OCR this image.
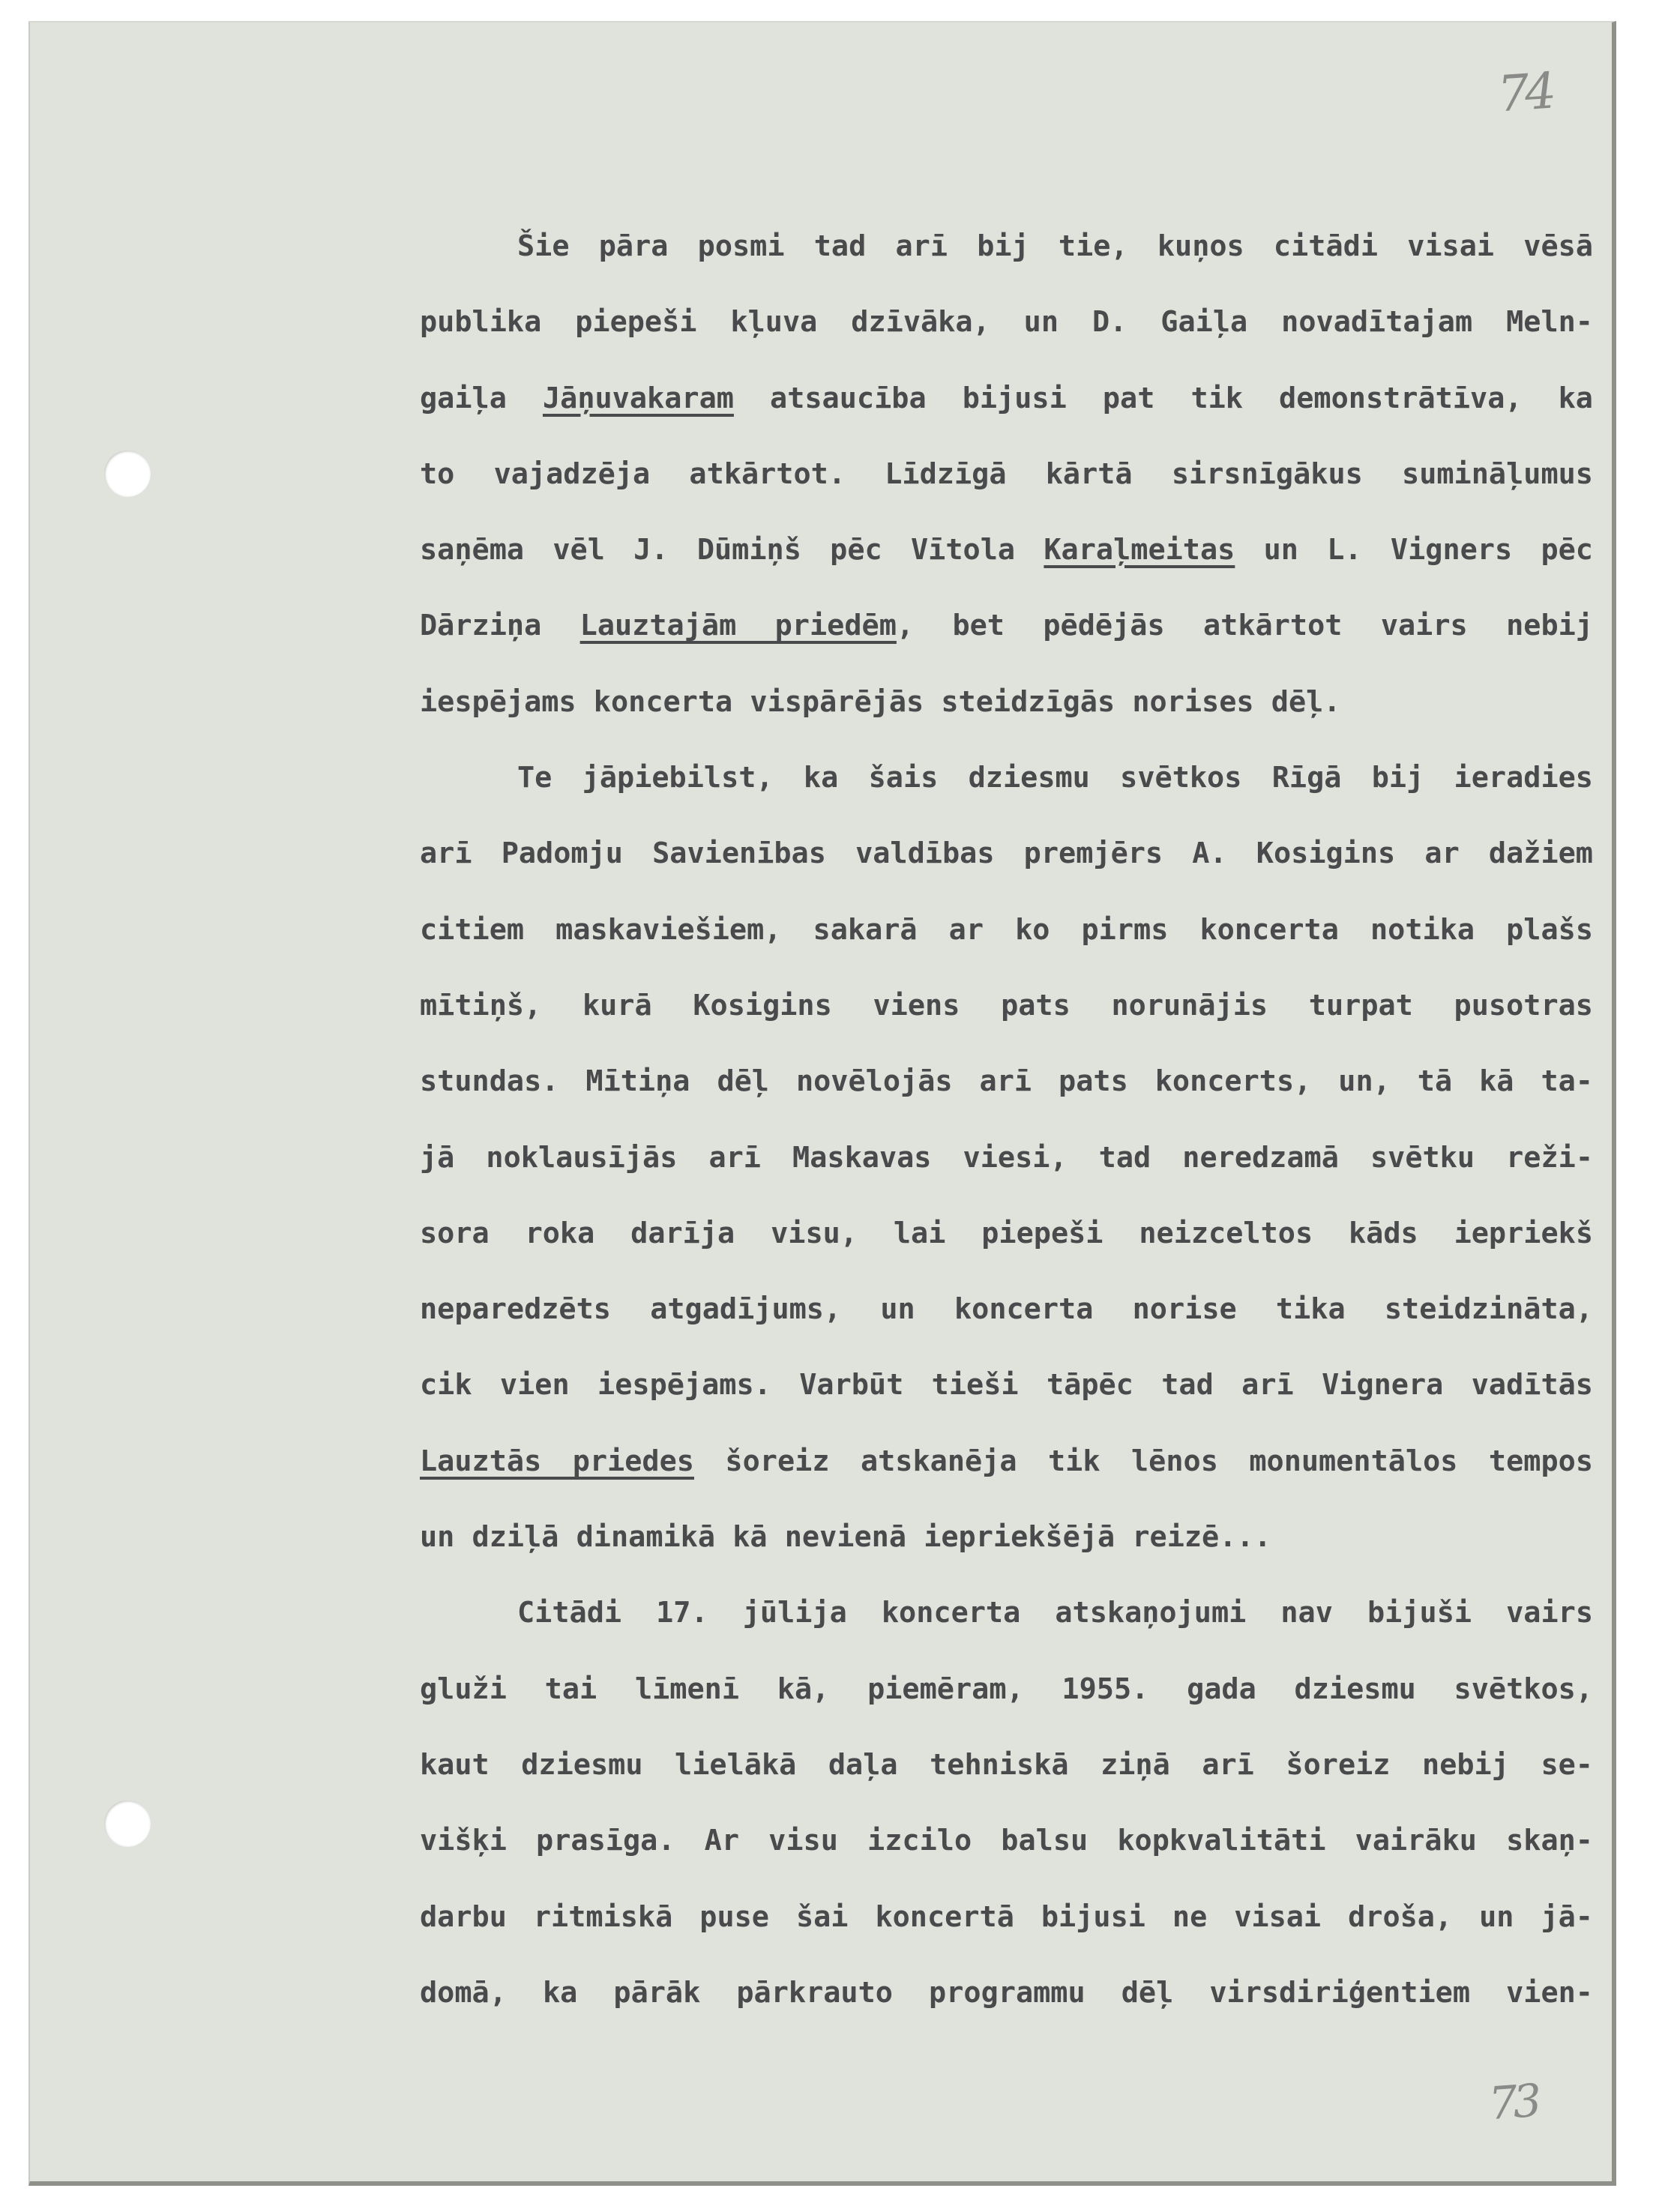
74
73
Šie pāra posmi tad arī bij tie, kuņos citādi visai vēsā
publika piepeši kļuva dzīvāka, un D. Gaiļa novadītajam Meln-
gaiļa Jāņuvakaram atsaucība bijusi pat tik demonstrātīva, ka
to vajadzēja atkārtot. Līdzīgā kārtā sirsnīgākus sumināļumus
saņēma vēl J. Dūmiņš pēc Vītola Karaļmeitas un L. Vigners pēc
Dārziņa Lauztajām priedēm, bet pēdējās atkārtot vairs nebij
iespējams koncerta vispārējās steidzīgās norises dēļ.
Te jāpiebilst, ka šais dziesmu svētkos Rīgā bij ieradies
arī Padomju Savienības valdības premjērs A. Kosigins ar dažiem
citiem maskaviešiem, sakarā ar ko pirms koncerta notika plašs
mītiņš, kurā Kosigins viens pats norunājis turpat pusotras
stundas. Mītiņa dēļ novēlojās arī pats koncerts, un, tā kā ta-
jā noklausījās arī Maskavas viesi, tad neredzamā svētku reži-
sora roka darīja visu, lai piepeši neizceltos kāds iepriekš
neparedzēts atgadījums, un koncerta norise tika steidzināta,
cik vien iespējams. Varbūt tieši tāpēc tad arī Vignera vadītās
Lauztās priedes šoreiz atskanēja tik lēnos monumentālos tempos
un dziļā dinamikā kā nevienā iepriekšējā reizē...
Citādi 17. jūlija koncerta atskaņojumi nav bijuši vairs
gluži tai līmenī kā, piemēram, 1955. gada dziesmu svētkos,
kaut dziesmu lielākā daļa tehniskā ziņā arī šoreiz nebij se-
višķi prasīga. Ar visu izcilo balsu kopkvalitāti vairāku skaņ-
darbu ritmiskā puse šai koncertā bijusi ne visai droša, un jā-
domā, ka pārāk pārkrauto programmu dēļ virsdiriģentiem vien-
